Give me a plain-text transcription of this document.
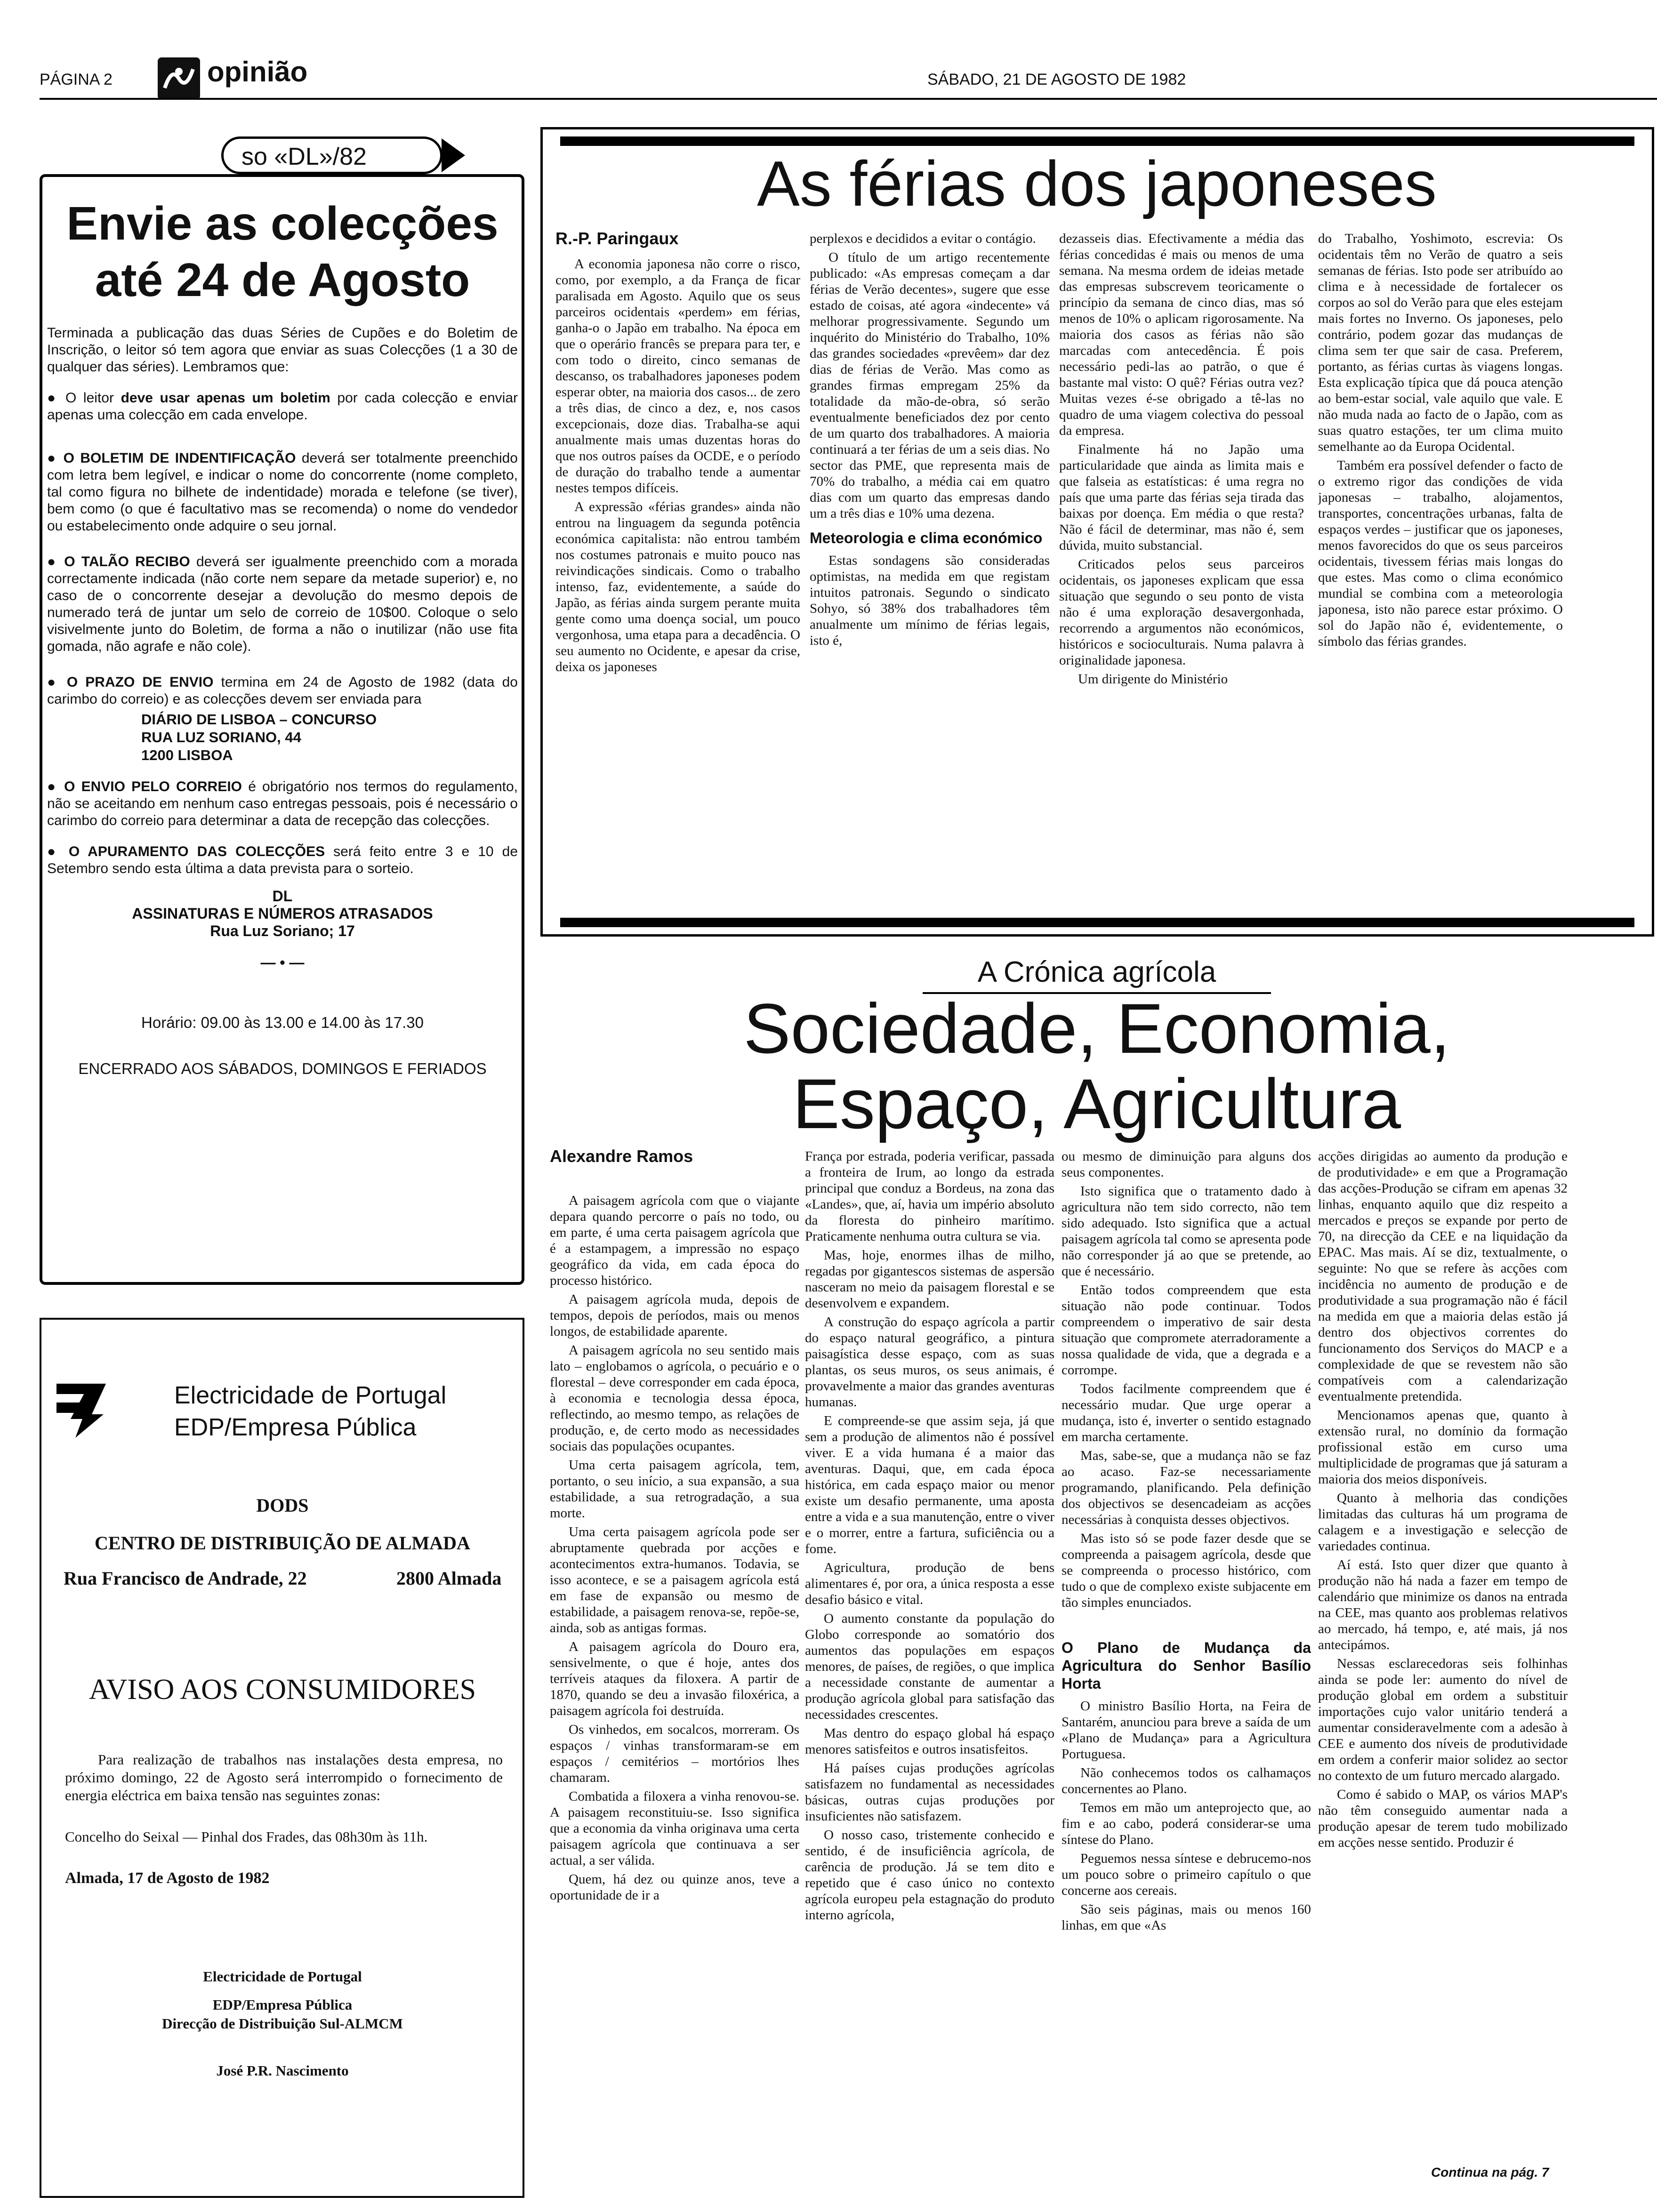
PÁGINA 2	opinião	SÁBADO, 21 DE AGOSTO DE 1982
so «DL»/82
Envie as colecções
até 24 de Agosto

Terminada a publicação das duas Séries de Cupões e do Boletim de Inscrição, o leitor só tem agora que enviar as suas Colecções (1 a 30 de qualquer das séries). Lembramos que:

● O leitor deve usar apenas um boletim por cada colecção e enviar apenas uma colecção em cada envelope.

● O BOLETIM DE INDENTIFICAÇÃO deverá ser totalmente preenchido com letra bem legível, e indicar o nome do concorrente (nome completo, tal como figura no bilhete de indentidade) morada e telefone (se tiver), bem como (o que é facultativo mas se recomenda) o nome do vendedor ou estabelecimento onde adquire o seu jornal.

● O TALÃO RECIBO deverá ser igualmente preenchido com a morada correctamente indicada (não corte nem separe da metade superior) e, no caso de o concorrente desejar a devolução do mesmo depois de numerado terá de juntar um selo de correio de 10$00. Coloque o selo visivelmente junto do Boletim, de forma a não o inutilizar (não use fita gomada, não agrafe e não cole).

● O PRAZO DE ENVIO termina em 24 de Agosto de 1982 (data do carimbo do correio) e as colecções devem ser enviada para

DIÁRIO DE LISBOA – CONCURSO
RUA LUZ SORIANO, 44
1200 LISBOA

● O ENVIO PELO CORREIO é obrigatório nos termos do regulamento, não se aceitando em nenhum caso entregas pessoais, pois é necessário o carimbo do correio para determinar a data de recepção das colecções.

● O APURAMENTO DAS COLECÇÕES será feito entre 3 e 10 de Setembro sendo esta última a data prevista para o sorteio.

DL
ASSINATURAS E NÚMEROS ATRASADOS
Rua Luz Soriano; 17
— • —
Horário: 09.00 às 13.00 e 14.00 às 17.30
ENCERRADO AOS SÁBADOS, DOMINGOS E FERIADOS
Electricidade de Portugal
EDP/Empresa Pública
DODS
CENTRO DE DISTRIBUIÇÃO DE ALMADA
Rua Francisco de Andrade, 22	2800 Almada
AVISO AOS CONSUMIDORES

Para realização de trabalhos nas instalações desta empresa, no próximo domingo, 22 de Agosto será interrompido o fornecimento de energia eléctrica em baixa tensão nas seguintes zonas:

Concelho do Seixal — Pinhal dos Frades, das 08h30m às 11h.

Almada, 17 de Agosto de 1982

Electricidade de Portugal
EDP/Empresa Pública
Direcção de Distribuição Sul-ALMCM
José P.R. Nascimento
As férias dos japoneses
R.-P. Paringaux

A economia japonesa não corre o risco, como, por exemplo, a da França de ficar paralisada em Agosto. Aquilo que os seus parceiros ocidentais «perdem» em férias, ganha-o o Japão em trabalho. Na época em que o operário francês se prepara para ter, e com todo o direito, cinco semanas de descanso, os trabalhadores japoneses podem esperar obter, na maioria dos casos... de zero a três dias, de cinco a dez, e, nos casos excepcionais, doze dias. Trabalha-se aqui anualmente mais umas duzentas horas do que nos outros países da OCDE, e o período de duração do trabalho tende a aumentar nestes tempos difíceis.

A expressão «férias grandes» ainda não entrou na linguagem da segunda potência económica capitalista: não entrou também nos costumes patronais e muito pouco nas reivindicações sindicais. Como o trabalho intenso, faz, evidentemente, a saúde do Japão, as férias ainda surgem perante muita gente como uma doença social, um pouco vergonhosa, uma etapa para a decadência. O seu aumento no Ocidente, e apesar da crise, deixa os japoneses

perplexos e decididos a evitar o contágio.

O título de um artigo recentemente publicado: «As empresas começam a dar férias de Verão decentes», sugere que esse estado de coisas, até agora «indecente» vá melhorar progressivamente. Segundo um inquérito do Ministério do Trabalho, 10% das grandes sociedades «prevêem» dar dez dias de férias de Verão. Mas como as grandes firmas empregam 25% da totalidade da mão-de-obra, só serão eventualmente beneficiados dez por cento de um quarto dos trabalhadores. A maioria continuará a ter férias de um a seis dias. No sector das PME, que representa mais de 70% do trabalho, a média cai em quatro dias com um quarto das empresas dando um a três dias e 10% uma dezena.

Meteorologia e clima económico

Estas sondagens são consideradas optimistas, na medida em que registam intuitos patronais. Segundo o sindicato Sohyo, só 38% dos trabalhadores têm anualmente um mínimo de férias legais, isto é,

dezasseis dias. Efectivamente a média das férias concedidas é mais ou menos de uma semana. Na mesma ordem de ideias metade das empresas subscrevem teoricamente o princípio da semana de cinco dias, mas só menos de 10% o aplicam rigorosamente. Na maioria dos casos as férias não são marcadas com antecedência. É pois necessário pedi-las ao patrão, o que é bastante mal visto: O quê? Férias outra vez? Muitas vezes é-se obrigado a tê-las no quadro de uma viagem colectiva do pessoal da empresa.

Finalmente há no Japão uma particularidade que ainda as limita mais e que falseia as estatísticas: é uma regra no país que uma parte das férias seja tirada das baixas por doença. Em média o que resta? Não é fácil de determinar, mas não é, sem dúvida, muito substancial.

Criticados pelos seus parceiros ocidentais, os japoneses explicam que essa situação que segundo o seu ponto de vista não é uma exploração desavergonhada, recorrendo a argumentos não económicos, históricos e socioculturais. Numa palavra à originalidade japonesa.

Um dirigente do Ministério

do Trabalho, Yoshimoto, escrevia: Os ocidentais têm no Verão de quatro a seis semanas de férias. Isto pode ser atribuído ao clima e à necessidade de fortalecer os corpos ao sol do Verão para que eles estejam mais fortes no Inverno. Os japoneses, pelo contrário, podem gozar das mudanças de clima sem ter que sair de casa. Preferem, portanto, as férias curtas às viagens longas. Esta explicação típica que dá pouca atenção ao bem-estar social, vale aquilo que vale. E não muda nada ao facto de o Japão, com as suas quatro estações, ter um clima muito semelhante ao da Europa Ocidental.

Também era possível defender o facto de o extremo rigor das condições de vida japonesas – trabalho, alojamentos, transportes, concentrações urbanas, falta de espaços verdes – justificar que os japoneses, menos favorecidos do que os seus parceiros ocidentais, tivessem férias mais longas do que estes. Mas como o clima económico mundial se combina com a meteorologia japonesa, isto não parece estar próximo. O sol do Japão não é, evidentemente, o símbolo das férias grandes.

A Crónica agrícola
Sociedade, Economia,
Espaço, Agricultura
Alexandre Ramos

A paisagem agrícola com que o viajante depara quando percorre o país no todo, ou em parte, é uma certa paisagem agrícola que é a estampagem, a impressão no espaço geográfico da vida, em cada época do processo histórico.

A paisagem agrícola muda, depois de tempos, depois de períodos, mais ou menos longos, de estabilidade aparente.

A paisagem agrícola no seu sentido mais lato – englobamos o agrícola, o pecuário e o florestal – deve corresponder em cada época, à economia e tecnologia dessa época, reflectindo, ao mesmo tempo, as relações de produção, e, de certo modo as necessidades sociais das populações ocupantes.

Uma certa paisagem agrícola, tem, portanto, o seu início, a sua expansão, a sua estabilidade, a sua retrogradação, a sua morte.

Uma certa paisagem agrícola pode ser abruptamente quebrada por acções e acontecimentos extra-humanos. Todavia, se isso acontece, e se a paisagem agrícola está em fase de expansão ou mesmo de estabilidade, a paisagem renova-se, repõe-se, ainda, sob as antigas formas.

A paisagem agrícola do Douro era, sensivelmente, o que é hoje, antes dos terríveis ataques da filoxera. A partir de 1870, quando se deu a invasão filoxérica, a paisagem agrícola foi destruída.

Os vinhedos, em socalcos, morreram. Os espaços / vinhas transformaram-se em espaços / cemitérios – mortórios lhes chamaram.

Combatida a filoxera a vinha renovou-se. A paisagem reconstituiu-se. Isso significa que a economia da vinha originava uma certa paisagem agrícola que continuava a ser actual, a ser válida.

Quem, há dez ou quinze anos, teve a oportunidade de ir a

França por estrada, poderia verificar, passada a fronteira de Irum, ao longo da estrada principal que conduz a Bordeus, na zona das «Landes», que, aí, havia um império absoluto da floresta do pinheiro marítimo. Praticamente nenhuma outra cultura se via.

Mas, hoje, enormes ilhas de milho, regadas por gigantescos sistemas de aspersão nasceram no meio da paisagem florestal e se desenvolvem e expandem.

A construção do espaço agrícola a partir do espaço natural geográfico, a pintura paisagística desse espaço, com as suas plantas, os seus muros, os seus animais, é provavelmente a maior das grandes aventuras humanas.

E compreende-se que assim seja, já que sem a produção de alimentos não é possível viver. E a vida humana é a maior das aventuras. Daqui, que, em cada época histórica, em cada espaço maior ou menor existe um desafio permanente, uma aposta entre a vida e a sua manutenção, entre o viver e o morrer, entre a fartura, suficiência ou a fome.

Agricultura, produção de bens alimentares é, por ora, a única resposta a esse desafio básico e vital.

O aumento constante da população do Globo corresponde ao somatório dos aumentos das populações em espaços menores, de países, de regiões, o que implica a necessidade constante de aumentar a produção agrícola global para satisfação das necessidades crescentes.

Mas dentro do espaço global há espaço menores satisfeitos e outros insatisfeitos.

Há países cujas produções agrícolas satisfazem no fundamental as necessidades básicas, outras cujas produções por insuficientes não satisfazem.

O nosso caso, tristemente conhecido e sentido, é de insuficiência agrícola, de carência de produção. Já se tem dito e repetido que é caso único no contexto agrícola europeu pela estagnação do produto interno agrícola,

ou mesmo de diminuição para alguns dos seus componentes.

Isto significa que o tratamento dado à agricultura não tem sido correcto, não tem sido adequado. Isto significa que a actual paisagem agrícola tal como se apresenta pode não corresponder já ao que se pretende, ao que é necessário.

Então todos compreendem que esta situação não pode continuar. Todos compreendem o imperativo de sair desta situação que compromete aterradoramente a nossa qualidade de vida, que a degrada e a corrompe.

Todos facilmente compreendem que é necessário mudar. Que urge operar a mudança, isto é, inverter o sentido estagnado em marcha certamente.

Mas, sabe-se, que a mudança não se faz ao acaso. Faz-se necessariamente programando, planificando. Pela definição dos objectivos se desencadeiam as acções necessárias à conquista desses objectivos.

Mas isto só se pode fazer desde que se compreenda a paisagem agrícola, desde que se compreenda o processo histórico, com tudo o que de complexo existe subjacente em tão simples enunciados.

O Plano de Mudança da Agricultura do Senhor Basílio Horta

O ministro Basílio Horta, na Feira de Santarém, anunciou para breve a saída de um «Plano de Mudança» para a Agricultura Portuguesa.

Não conhecemos todos os calhamaços concernentes ao Plano.

Temos em mão um anteprojecto que, ao fim e ao cabo, poderá considerar-se uma síntese do Plano.

Peguemos nessa síntese e debrucemo-nos um pouco sobre o primeiro capítulo o que concerne aos cereais.

São seis páginas, mais ou menos 160 linhas, em que «As

acções dirigidas ao aumento da produção e de produtividade» e em que a Programação das acções-Produção se cifram em apenas 32 linhas, enquanto aquilo que diz respeito a mercados e preços se expande por perto de 70, na direcção da CEE e na liquidação da EPAC. Mas mais. Aí se diz, textualmente, o seguinte: No que se refere às acções com incidência no aumento de produção e de produtividade a sua programação não é fácil na medida em que a maioria delas estão já dentro dos objectivos correntes do funcionamento dos Serviços do MACP e a complexidade de que se revestem não são compatíveis com a calendarização eventualmente pretendida.

Mencionamos apenas que, quanto à extensão rural, no domínio da formação profissional estão em curso uma multiplicidade de programas que já saturam a maioria dos meios disponíveis.

Quanto à melhoria das condições limitadas das culturas há um programa de calagem e a investigação e selecção de variedades continua.

Aí está. Isto quer dizer que quanto à produção não há nada a fazer em tempo de calendário que minimize os danos na entrada na CEE, mas quanto aos problemas relativos ao mercado, há tempo, e, até mais, já nos antecipámos.

Nessas esclarecedoras seis folhinhas ainda se pode ler: aumento do nível de produção global em ordem a substituir importações cujo valor unitário tenderá a aumentar consideravelmente com a adesão à CEE e aumento dos níveis de produtividade em ordem a conferir maior solidez ao sector no contexto de um futuro mercado alargado.

Como é sabido o MAP, os vários MAP's não têm conseguido aumentar nada a produção apesar de terem tudo mobilizado em acções nesse sentido. Produzir é

Continua na pág. 7
